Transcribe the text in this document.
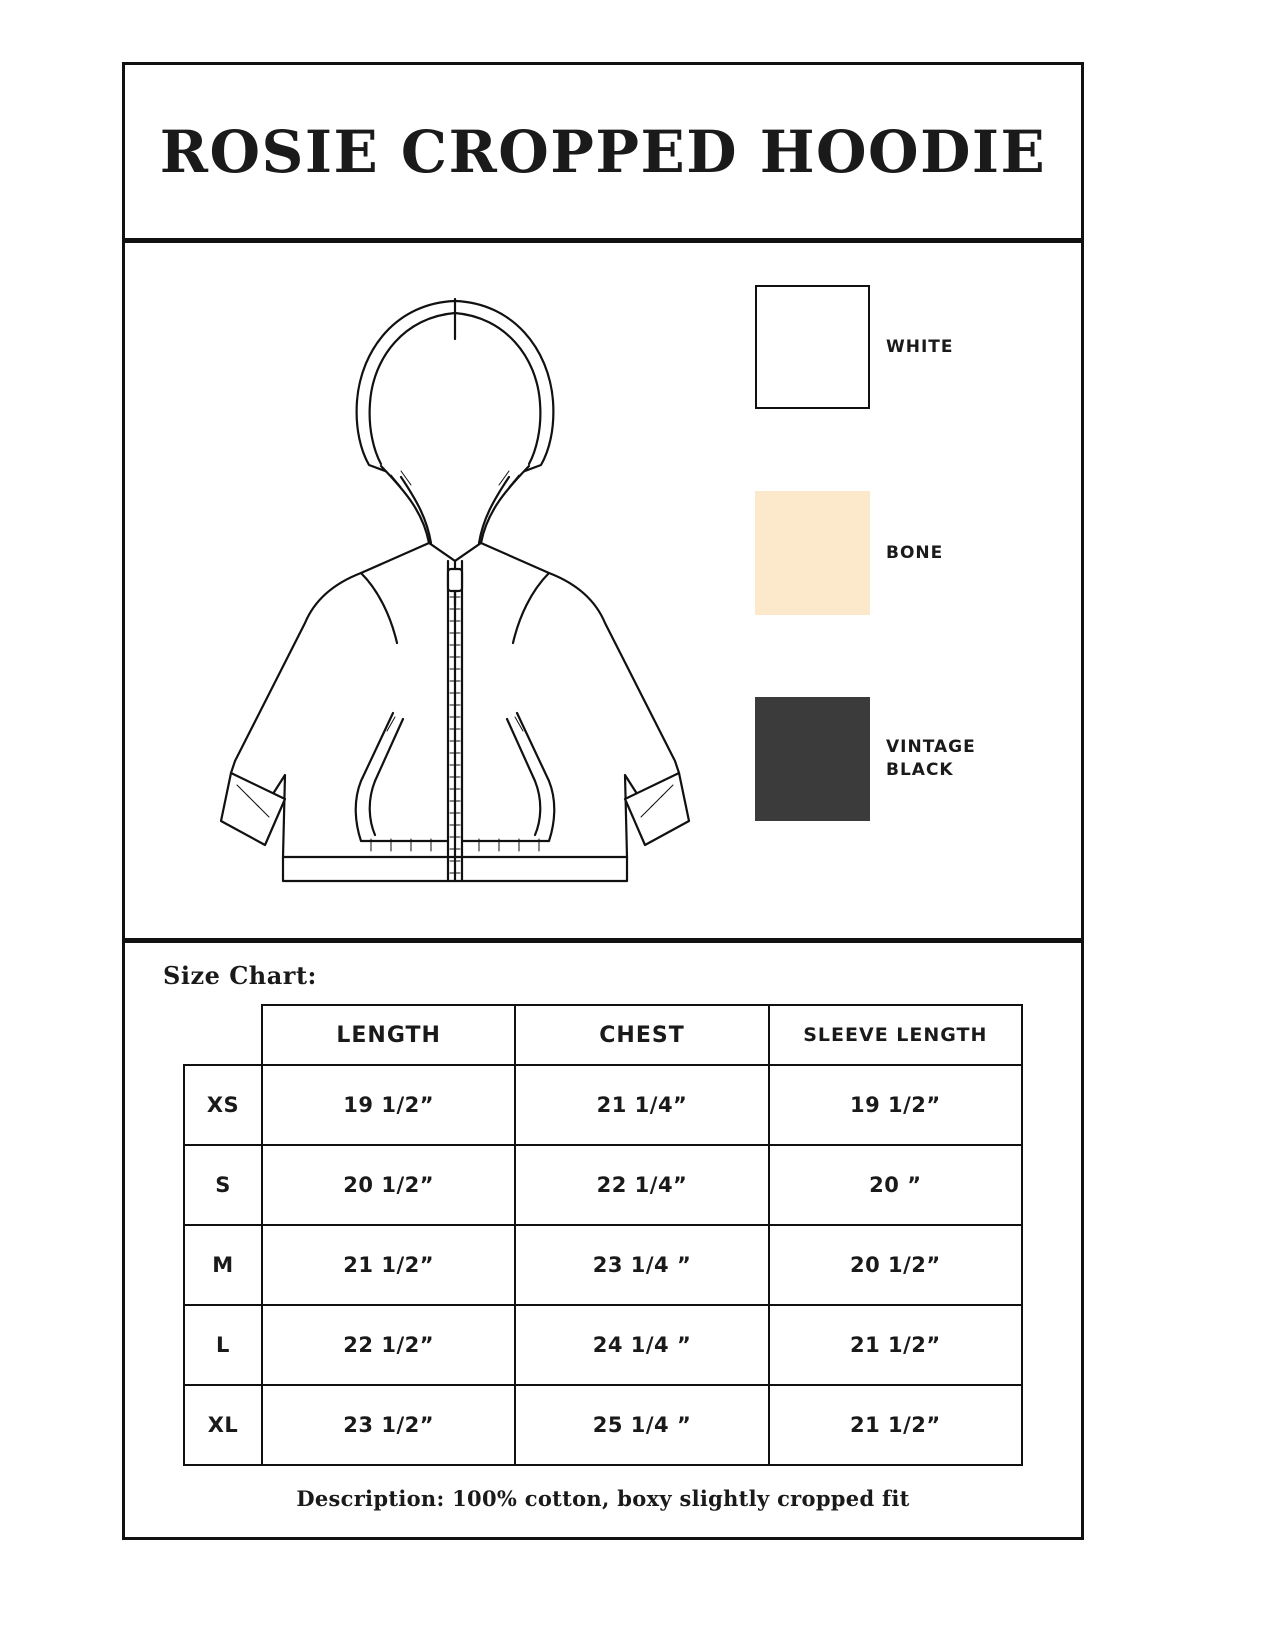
ROSIE CROPPED HOODIE
WHITE
BONE
VINTAGE BLACK
Size Chart:
	LENGTH	CHEST	SLEEVE LENGTH
XS	19 1/2”	21 1/4”	19 1/2”
S	20 1/2”	22 1/4”	20 ”
M	21 1/2”	23 1/4 ”	20 1/2”
L	22 1/2”	24 1/4 ”	21 1/2”
XL	23 1/2”	25 1/4 ”	21 1/2”
Description: 100% cotton, boxy slightly cropped fit
